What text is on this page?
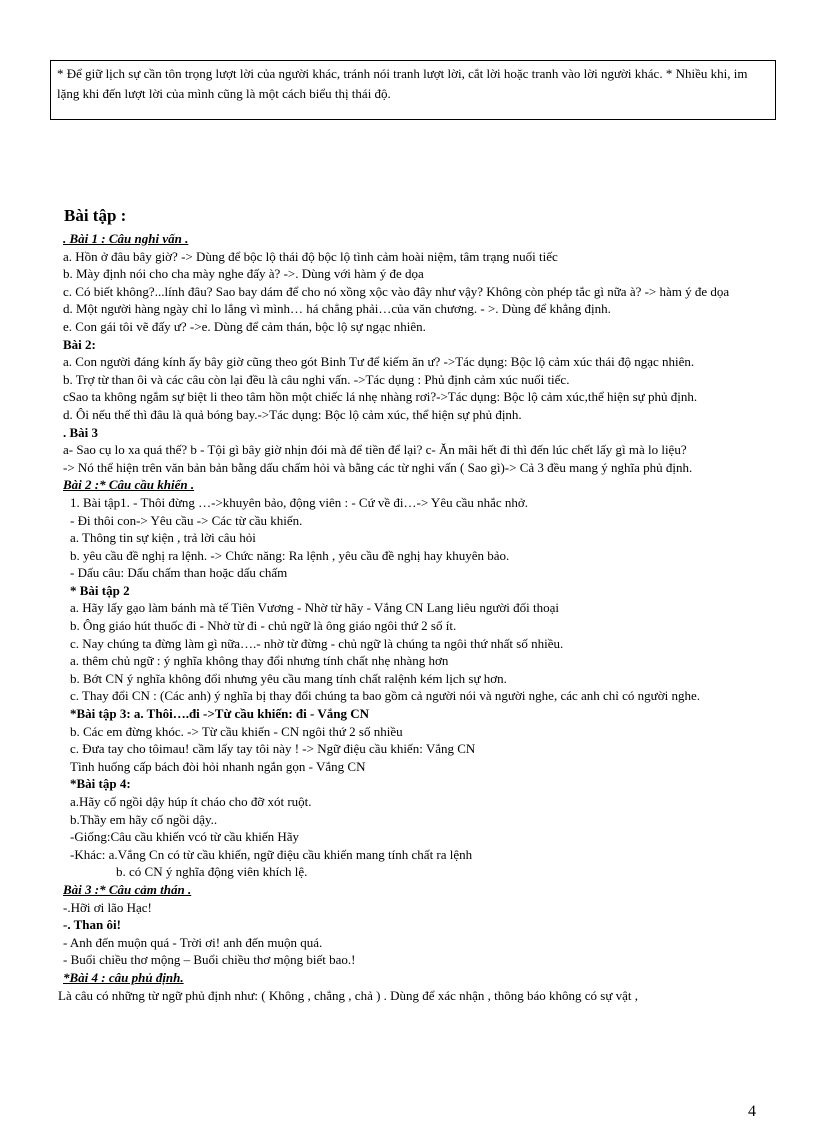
* Để giữ lịch sự cần tôn trọng lượt lời của người khác, tránh nói tranh lượt lời, cắt lời hoặc tranh vào lời người khác. * Nhiều khi, im lặng khi đến lượt lời của mình cũng là một cách biểu thị thái độ.
Bài tập :
. Bài 1 : Câu nghi vấn .
a. Hồn ở đâu bây giờ? -> Dùng để bộc lộ thái độ bộc lộ tình cảm hoài niệm, tâm trạng nuối tiếc
b. Mày định nói cho cha mày nghe đấy à? ->. Dùng với hàm ý đe dọa
c. Có biết không?...lính đâu? Sao bay dám để cho nó xồng xộc vào đây như vậy? Không còn phép tắc gì nữa à? -> hàm ý đe dọa
d. Một người hàng ngày chỉ lo lắng vì mình… há chẳng phải…của văn chương. - >. Dùng để khẳng định.
e. Con gái tôi vẽ đấy ư? ->e. Dùng để cảm thán, bộc lộ sự ngạc nhiên.
Bài 2:
a. Con người đáng kính ấy bây giờ cũng theo gót Binh Tư để kiếm ăn ư? ->Tác dụng: Bộc lộ cảm xúc thái độ ngạc nhiên.
b. Trợ từ than ôi và các câu còn lại đều là câu nghi vấn. ->Tác dụng : Phủ định cảm xúc nuối tiếc.
cSao ta không ngắm sự biệt li theo tâm hồn một chiếc lá nhẹ nhàng rơi?->Tác dụng: Bộc lộ cảm xúc,thể hiện sự phủ định.
d. Ôi nếu thế thì đâu là quả bóng bay.->Tác dụng: Bộc lộ cảm xúc, thể hiện sự phủ định.
. Bài 3
a- Sao cụ lo xa quá thế? b - Tội gì bây giờ nhịn đói mà để tiền để lại? c- Ăn mãi hết đi thì đến lúc chết lấy gì mà lo liệu?
-> Nó thể hiện trên văn bản bản bằng dấu chấm hỏi và bằng các từ nghi vấn ( Sao gì)-> Cả 3 đều mang ý nghĩa phủ định.
Bài 2 :* Câu cầu khiến .
1. Bài tập1. - Thôi đừng …->khuyên bảo, động viên : - Cứ về đi…-> Yêu cầu nhắc nhở.
- Đi thôi con-> Yêu cầu -> Các từ cầu khiến.
a. Thông tin sự kiện , trả lời câu hỏi
b. yêu cầu đề nghị ra lệnh. -> Chức năng: Ra lệnh , yêu cầu đề nghị hay khuyên bảo.
- Dấu câu: Dấu chấm than hoặc dấu chấm
* Bài tập 2
a. Hãy lấy gạo làm bánh mà tế Tiên Vương - Nhờ từ hãy - Vắng CN Lang liêu người đối thoại
b. Ông giáo hút thuốc đi - Nhờ từ đi - chủ ngữ là ông giáo ngôi thứ 2 số ít.
c. Nay chúng ta đừng làm gì nữa….- nhờ từ đừng - chủ ngữ là chúng ta ngôi thứ nhất số nhiều.
a. thêm chủ ngữ : ý nghĩa không thay đổi nhưng tính chất nhẹ nhàng hơn
b. Bớt CN ý nghĩa không đổi nhưng yêu cầu mang tính chất ralệnh kém lịch sự hơn.
c. Thay đổi CN : (Các anh) ý nghĩa bị thay đổi chúng ta bao gồm cả người nói và người nghe, các anh chỉ có người nghe.
*Bài tập 3: a. Thôi….đi ->Từ cầu khiến: đi - Vắng CN
b. Các em đừng khóc. -> Từ cầu khiến - CN ngôi thứ 2 số nhiều
c. Đưa tay cho tôimau! cầm lấy tay tôi này ! -> Ngữ điệu cầu khiến: Vắng CN
Tình huống cấp bách đòi hỏi nhanh ngắn gọn - Vắng CN
*Bài tập 4:
a.Hãy cố ngồi dậy húp ít cháo cho đỡ xót ruột.
b.Thầy em hãy cố ngồi dậy..
-Giống:Câu cầu khiến vcó từ cầu khiến Hãy
-Khác: a.Vắng Cn có từ cầu khiến, ngữ điệu cầu khiến mang tính chất ra lệnh
b. có CN ý nghĩa động viên khích lệ.
Bài 3 :* Câu cảm thán .
-.Hỡi ơi lão Hạc!
-. Than ôi!
- Anh đến muộn quá - Trời ơi! anh đến muộn quá.
- Buổi chiều thơ mộng – Buổi chiều thơ mộng biết bao.!
*Bài 4 : câu phủ định.
Là câu có những từ ngữ phủ định như: ( Không , chẳng , chả ) . Dùng để xác nhận , thông báo không có sự vật ,
4
